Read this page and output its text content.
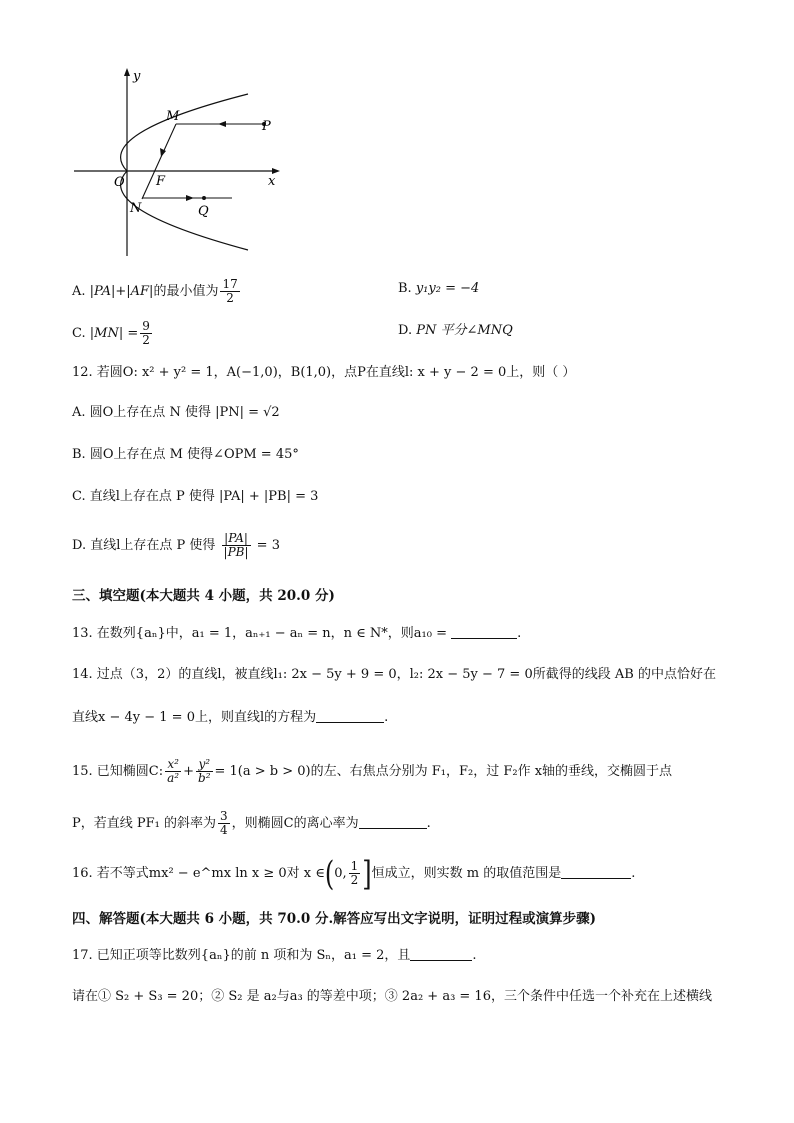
y
x
O
M
P
F
N	Q
A. |PA|+|AF|的最小值为 $\frac{17}{2}$	B. y₁y₂ = −4
C. $|MN| = \frac{9}{2}$	D. PN 平分∠MNQ
12. 若圆O: x² + y² = 1，A(−1,0)，B(1,0)，点P在直线l: x + y − 2 = 0上，则（ ）
A. 圆O上存在点 N 使得 |PN| = √2
B. 圆O上存在点 M 使得∠OPM = 45°
C. 直线l上存在点 P 使得 |PA| + |PB| = 3
D. 直线l上存在点 P 使得 $\frac{|PA|}{|PB|} = 3$
三、填空题(本大题共 4 小题，共 20.0 分)
13. 在数列{aₙ}中，a₁ = 1，aₙ₊₁ − aₙ = n，n ∈ N*，则a₁₀ =	.
14. 过点（3，2）的直线l，被直线l₁: 2x − 5y + 9 = 0，l₂: 2x − 5y − 7 = 0所截得的线段 AB 的中点恰好在
直线x − 4y − 1 = 0上，则直线l的方程为	.
15. 已知椭圆C: $\frac{\text{x²}}{\text{a²}} + \frac{\text{y²}}{\text{b²}} = 1(a > b > 0)$的左、右焦点分别为 F₁，F₂，过 F₂作 x轴的垂线，交椭圆于点
P，若直线 PF₁ 的斜率为 $\frac{3}{4}$ ，则椭圆C的离心率为	.
16. 若不等式mx² − e^mx ln x ≥ 0对 x ∈(0, $\frac{1}{2}$ ]恒成立，则实数 m 的取值范围是	.
四、解答题(本大题共 6 小题，共 70.0 分.解答应写出文字说明，证明过程或演算步骤)
17. 已知正项等比数列{aₙ}的前 n 项和为 Sₙ，a₁ = 2，且	.
请在① S₂ + S₃ = 20；② S₂ 是 a₂与a₃ 的等差中项；③ 2a₂ + a₃ = 16，三个条件中任选一个补充在上述横线
